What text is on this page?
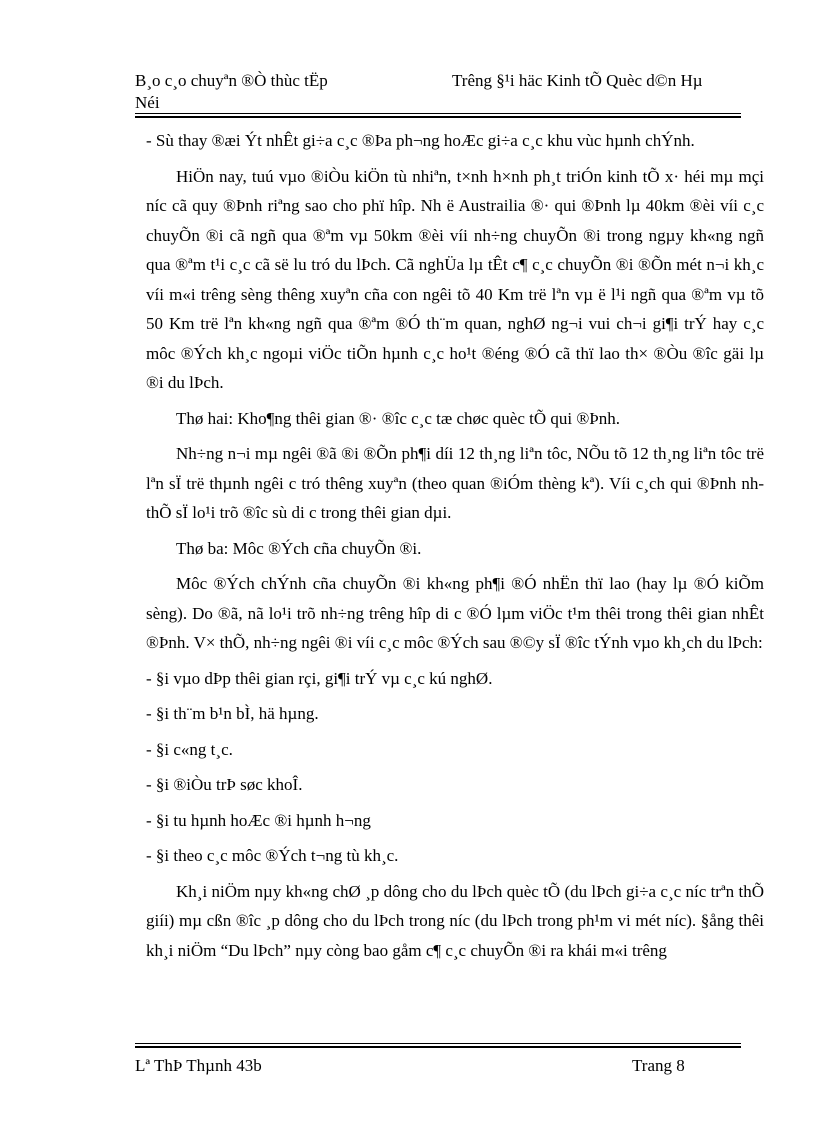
B¸o c¸o chuyªn ®Ò thùc tËp
Néi
Trêng §¹i häc Kinh tÕ Quèc d©n Hµ

- Sù thay ®æi Ýt nhÊt gi÷a c¸c ®Þa ph¬ng hoÆc gi÷a c¸c khu vùc hµnh chÝnh.

HiÖn nay, tuú vµo ®iÒu kiÖn tù nhiªn, t×nh h×nh ph¸t triÓn kinh tÕ x· héi mµ mçi níc cã quy ®Þnh riªng sao cho phï hîp. Nh ë Austrailia ®· qui ®Þnh lµ 40km ®èi víi c¸c chuyÕn ®i cã ngñ qua ®ªm vµ 50km ®èi víi nh÷ng chuyÕn ®i trong ngµy kh«ng ngñ qua ®ªm t¹i c¸c cã së lu tró du lÞch. Cã nghÜa lµ tÊt c¶ c¸c chuyÕn ®i ®Õn mét n¬i kh¸c víi m«i trêng sèng thêng xuyªn cña con ngêi tõ 40 Km trë lªn vµ ë l¹i ngñ qua ®ªm vµ tõ 50 Km trë lªn kh«ng ngñ qua ®ªm ®Ó th¨m quan, nghØ ng¬i vui ch¬i gi¶i trÝ hay c¸c môc ®Ých kh¸c ngoµi viÖc tiÕn hµnh c¸c ho¹t ®éng ®Ó cã thï lao th× ®Òu ®îc gäi lµ ®i du lÞch.

Thø hai: Kho¶ng thêi gian ®· ®îc c¸c tæ chøc quèc tÕ qui ®Þnh.

Nh÷ng n¬i mµ ngêi ®ã ®i ®Õn ph¶i díi 12 th¸ng liªn tôc, NÕu tõ 12 th¸ng liªn tôc trë lªn sÏ trë thµnh ngêi c tró thêng xuyªn (theo quan ®iÓm thèng kª). Víi c¸ch qui ®Þnh nh thÕ sÏ lo¹i trõ ®îc sù di c trong thêi gian dµi.

Thø ba: Môc ®Ých cña chuyÕn ®i.

Môc ®Ých chÝnh cña chuyÕn ®i kh«ng ph¶i ®Ó nhËn thï lao (hay lµ ®Ó kiÕm sèng). Do ®ã, nã lo¹i trõ nh÷ng trêng hîp di c ®Ó lµm viÖc t¹m thêi trong thêi gian nhÊt ®Þnh. V× thÕ, nh÷ng ngêi ®i víi c¸c môc ®Ých sau ®©y sÏ ®îc tÝnh vµo kh¸ch du lÞch:

- §i vµo dÞp thêi gian rçi, gi¶i trÝ vµ c¸c kú nghØ.

- §i th¨m b¹n bÌ, hä hµng.

- §i c«ng t¸c.

- §i ®iÒu trÞ søc khoÎ.

- §i tu hµnh hoÆc ®i hµnh h¬ng

- §i theo c¸c môc ®Ých t¬ng tù kh¸c.

Kh¸i niÖm nµy kh«ng chØ ¸p dông cho du lÞch quèc tÕ (du lÞch gi÷a c¸c níc trªn thÕ giíi) mµ cßn ®îc ¸p dông cho du lÞch trong níc (du lÞch trong ph¹m vi mét níc). §ång thêi kh¸i niÖm “Du lÞch” nµy còng bao gåm c¶ c¸c chuyÕn ®i ra khái m«i trêng

Lª ThÞ Thµnh 43b	Trang 8
